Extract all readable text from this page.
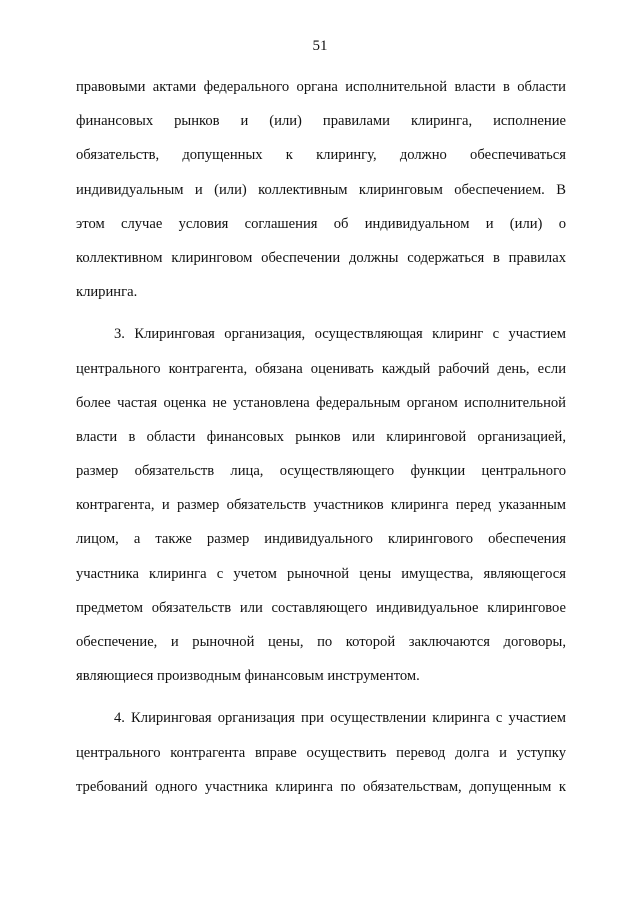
51
правовыми актами федерального органа исполнительной власти в области
финансовых рынков и (или) правилами клиринга, исполнение
обязательств, допущенных к клирингу, должно обеспечиваться
индивидуальным и (или) коллективным клиринговым обеспечением. В
этом случае условия соглашения об индивидуальном и (или) о
коллективном клиринговом обеспечении должны содержаться в правилах
клиринга.
3. Клиринговая организация, осуществляющая клиринг с участием
центрального контрагента, обязана оценивать каждый рабочий день, если
более частая оценка не установлена федеральным органом исполнительной
власти в области финансовых рынков или клиринговой организацией,
размер обязательств лица, осуществляющего функции центрального
контрагента, и размер обязательств участников клиринга перед указанным
лицом, а также размер индивидуального клирингового обеспечения
участника клиринга с учетом рыночной цены имущества, являющегося
предметом обязательств или составляющего индивидуальное клиринговое
обеспечение, и рыночной цены, по которой заключаются договоры,
являющиеся производным финансовым инструментом.
4. Клиринговая организация при осуществлении клиринга с участием
центрального контрагента вправе осуществить перевод долга и уступку
требований одного участника клиринга по обязательствам, допущенным к
